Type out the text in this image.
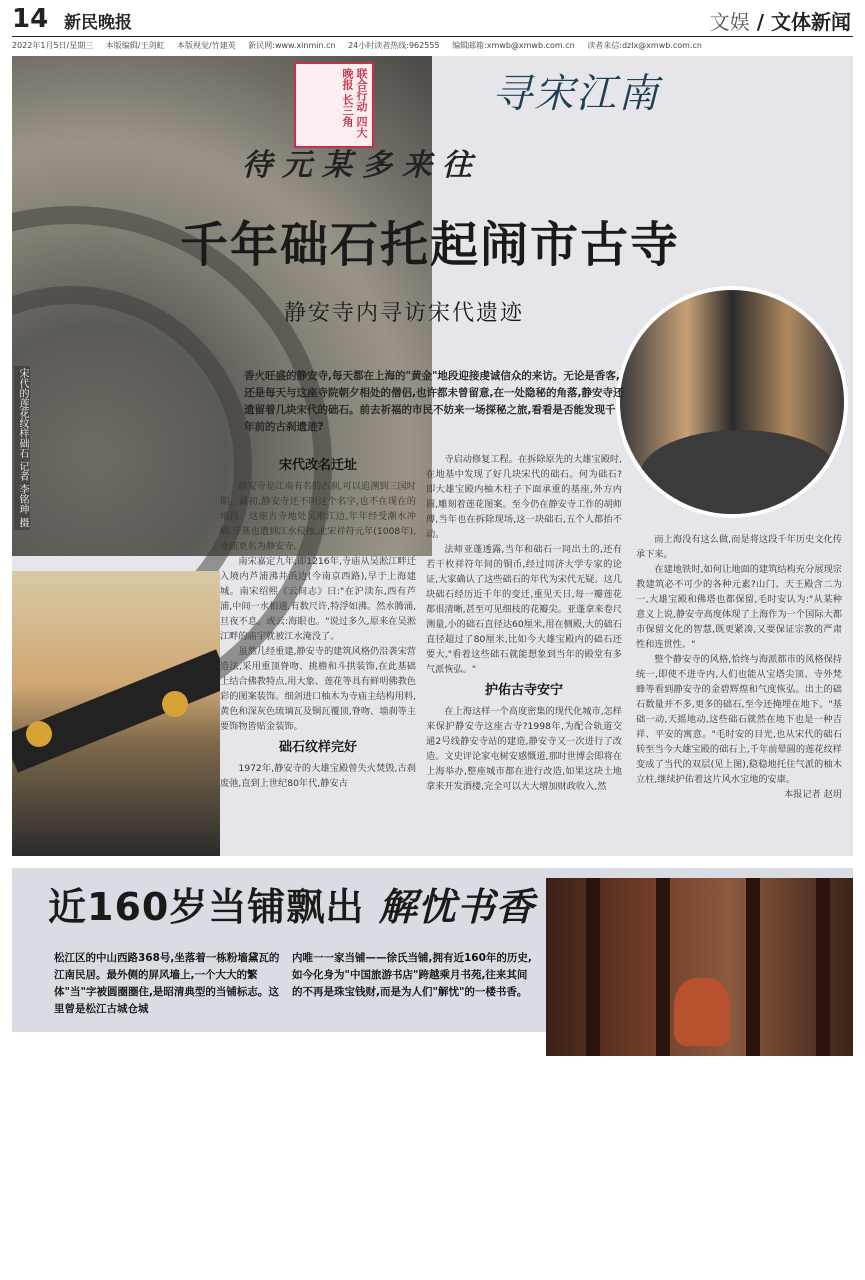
14 新民晚报	文娱 / 文体新闻
2022年1月5日/星期三 本版编辑/王剑虹 本版视觉/竹建英 新民网:www.xinmin.cn 24小时读者热线:962555 编辑邮箱:xmwb@xmwb.com.cn 读者来信:dzlx@xmwb.com.cn
宋代的莲花纹样础石 记者 李铭珅 摄
联合行动 四大晚报 长三角	寻宋江南
待元某多来往
千年础石托起闹市古寺
静安寺内寻访宋代遗迹
香火旺盛的静安寺,每天都在上海的"黄金"地段迎接虔诚信众的来访。无论是香客,还是每天与这座寺院朝夕相处的僧侣,也许都未曾留意,在一处隐秘的角落,静安寺还遗留着几块宋代的础石。前去祈福的市民不妨来一场探秘之旅,看看是否能发现千年前的古刹遗迹?
宋代改名迁址

静安寺是江南有名的古刹,可以追溯到三国时期。最初,静安寺还不叫这个名字,也不在现在的地段。这座古寺地处吴淞江边,年年经受潮水冲刷,寺基也遭到江水侵蚀,北宋祥符元年(1008年),寺庙更名为静安寺。

南宋嘉定九年,即1216年,寺庙从吴淞江畔迁入境内芦浦沸井浜边(今南京西路),早于上海建城。南宋绍熙《云间志》曰:"在沪渎东,西有芦浦,中间一水相通,有数尺许,特浮如沸。然水腾涌,旦夜不息。或云:海眼也。"说过多久,原来在吴淞江畔的庙宇就被江水淹没了。

虽然几经重建,静安寺的建筑风格仍沿袭宋营造法,采用重顶脊吻、挑檐和斗拱装饰,在此基础上结合佛教特点,用大象、莲花等具有鲜明佛教色彩的图案装饰。细剑进口柚木为寺庙主结构用料,黄色和深灰色琉璃瓦及铜瓦覆顶,脊吻、墙刹等主要饰物皆贴金装饰。

础石纹样完好

1972年,静安寺的大雄宝殿曾失火焚毁,古刹废弛,直到上世纪80年代,静安古

寺启动修复工程。在拆除原先的大雄宝殿时,在地基中发现了好几块宋代的础石。何为础石?即大雄宝殿内柚木柱子下面承重的基座,外方内圆,雕刻着莲花图案。至今仍在静安寺工作的胡师傅,当年也在拆除现场,这一块础石,五个人都抬不动。

法师亚蓬透露,当年和础石一同出土的,还有若干枚祥符年间的铜币,经过同济大学专家的论证,大家确认了这些础石的年代为宋代无疑。这几块础石经历近千年的变迁,重见天日,每一瓣莲花都很清晰,甚至可见细枝的花瓣尖。亚蓬拿来卷尺测量,小的础石直径达60厘米,用在侧殿,大的础石直径超过了80厘米,比如今大雄宝殿内的础石还要大,"看着这些础石就能想象到当年的殿堂有多气派恢弘。"

护佑古寺安宁

在上海这样一个高度密集的现代化城市,怎样来保护静安寺这座古寺?1998年,为配合轨道交通2号线静安寺站的建造,静安寺又一次进行了改造。文史评论家屯树安感慨道,那时世博会即将在上海举办,整座城市都在进行改造,如果这块土地拿来开发酒楼,完全可以大大增加财政收入,然

而上海没有这么做,而是将这段千年历史文化传承下来。

在建地铁时,如何让地面的建筑结构充分展现宗教建筑必不可少的各种元素?山门、天王殿含二为一,大雄宝殿和佛塔也都保留,毛时安认为:"从某种意义上说,静安寺高度体现了上海作为一个国际大都市保留文化的智慧,既更紧凑,又要保证宗教的严肃性和连贯性。"

整个静安寺的风格,恰终与海派都市的风格保持统一,即使不进寺内,人们也能从宝塔尖顶、寺外梵蜂等看到静安寺的金碧辉煌和气度恢弘。出土的础石数量并不多,更多的础石,至今还掩埋在地下。"基础一动,天摇地动,这些础石就然在地下也是一种吉祥、平安的寓意。"毛时安的目光,也从宋代的础石转至当今大雄宝殿的础石上,千年前晕圆的莲花纹样变成了当代的双层(见上图),稳稳地托住气派的柚木立柱,继续护佑着这片风水宝地的安康。

本报记者 赵玥

近160岁当铺飘出 解忧书香
松江区的中山西路368号,坐落着一栋粉墙黛瓦的江南民居。最外侧的屏风墙上,一个大大的繁体"当"字被圆圈圈住,是昭清典型的当铺标志。这里曾是松江古城仓城
内唯一一家当铺——徐氏当铺,拥有近160年的历史,如今化身为"中国旅游书店"跨越乘月书苑,往来其间的不再是珠宝钱财,而是为人们"解忧"的一楼书香。
